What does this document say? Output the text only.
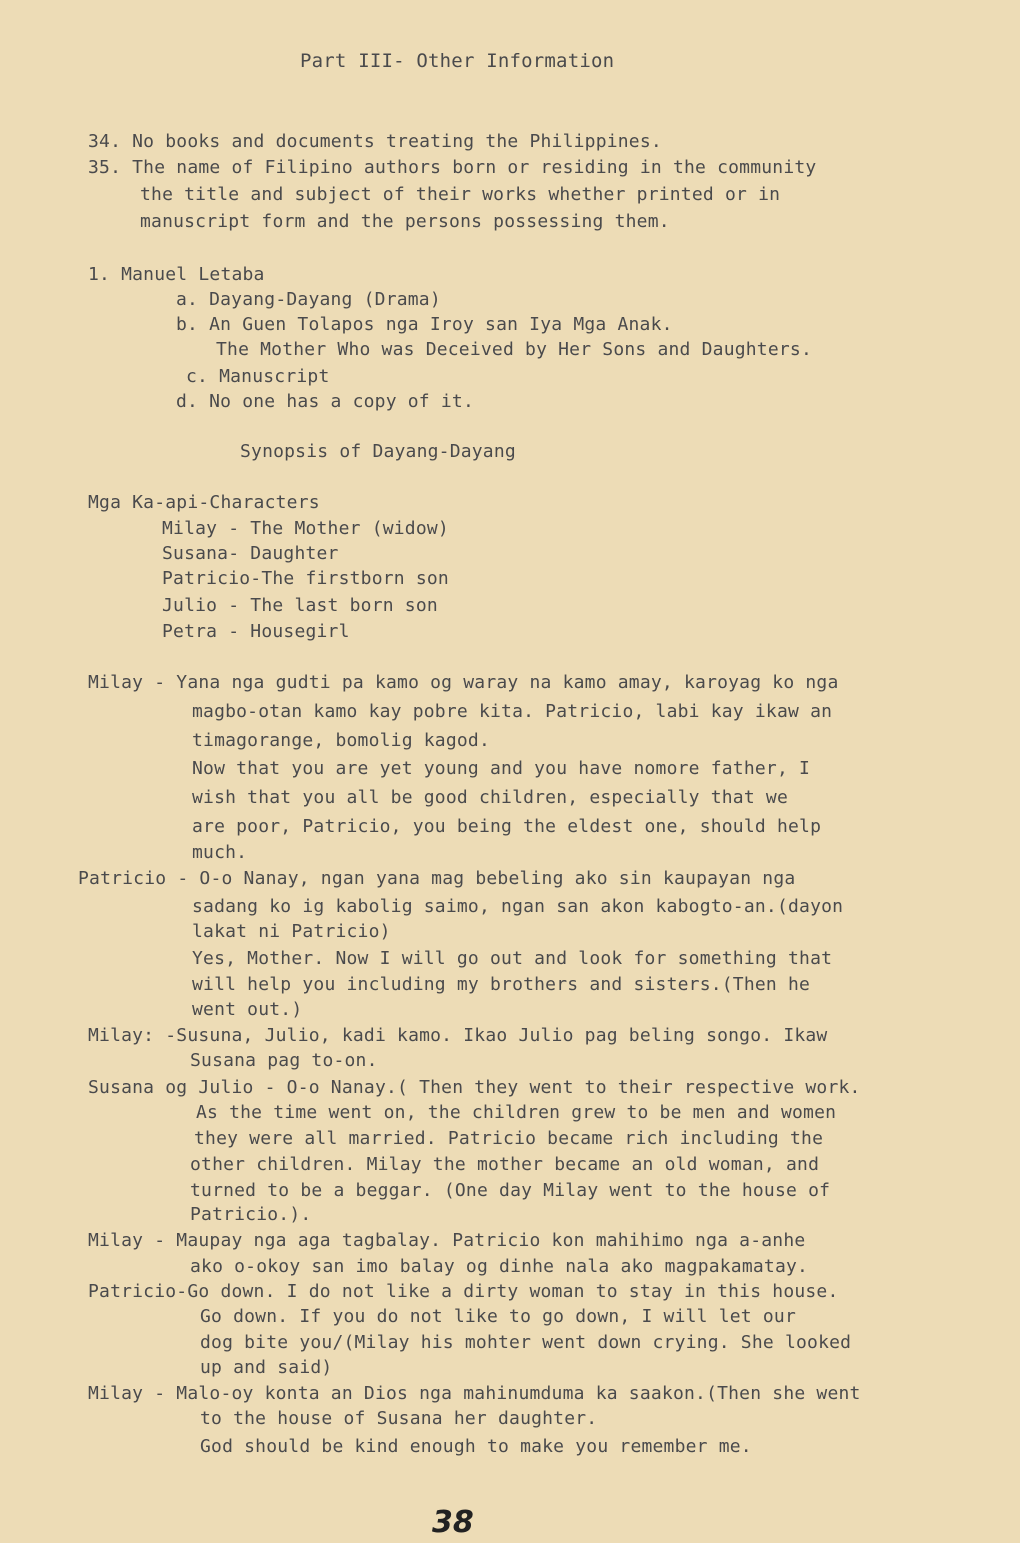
Part III- Other Information
34. No books and documents treating the Philippines.
35. The name of Filipino authors born or residing in the community
the title and subject of their works whether printed or in
manuscript form and the persons possessing them.
1. Manuel Letaba
a. Dayang-Dayang (Drama)
b. An Guen Tolapos nga Iroy san Iya Mga Anak.
The Mother Who was Deceived by Her Sons and Daughters.
c. Manuscript
d. No one has a copy of it.
Synopsis of Dayang-Dayang
Mga Ka-api-Characters
Milay - The Mother (widow)
Susana- Daughter
Patricio-The firstborn son
Julio - The last born son
Petra - Housegirl
Milay - Yana nga gudti pa kamo og waray na kamo amay, karoyag ko nga
magbo-otan kamo kay pobre kita. Patricio, labi kay ikaw an
timagorange, bomolig kagod.
Now that you are yet young and you have nomore father, I
wish that you all be good children, especially that we
are poor, Patricio, you being the eldest one, should help
much.
Patricio - O-o Nanay, ngan yana mag bebeling ako sin kaupayan nga
sadang ko ig kabolig saimo, ngan san akon kabogto-an.(dayon
lakat ni Patricio)
Yes, Mother. Now I will go out and look for something that
will help you including my brothers and sisters.(Then he
went out.)
Milay: -Susuna, Julio, kadi kamo. Ikao Julio pag beling songo. Ikaw
Susana pag to-on.
Susana og Julio - O-o Nanay.( Then they went to their respective work.
As the time went on, the children grew to be men and women
they were all married. Patricio became rich including the
other children. Milay the mother became an old woman, and
turned to be a beggar. (One day Milay went to the house of
Patricio.).
Milay - Maupay nga aga tagbalay. Patricio kon mahihimo nga a-anhe
ako o-okoy san imo balay og dinhe nala ako magpakamatay.
Patricio-Go down. I do not like a dirty woman to stay in this house.
Go down. If you do not like to go down, I will let our
dog bite you/(Milay his mohter went down crying. She looked
up and said)
Milay - Malo-oy konta an Dios nga mahinumduma ka saakon.(Then she went
to the house of Susana her daughter.
God should be kind enough to make you remember me.
38
